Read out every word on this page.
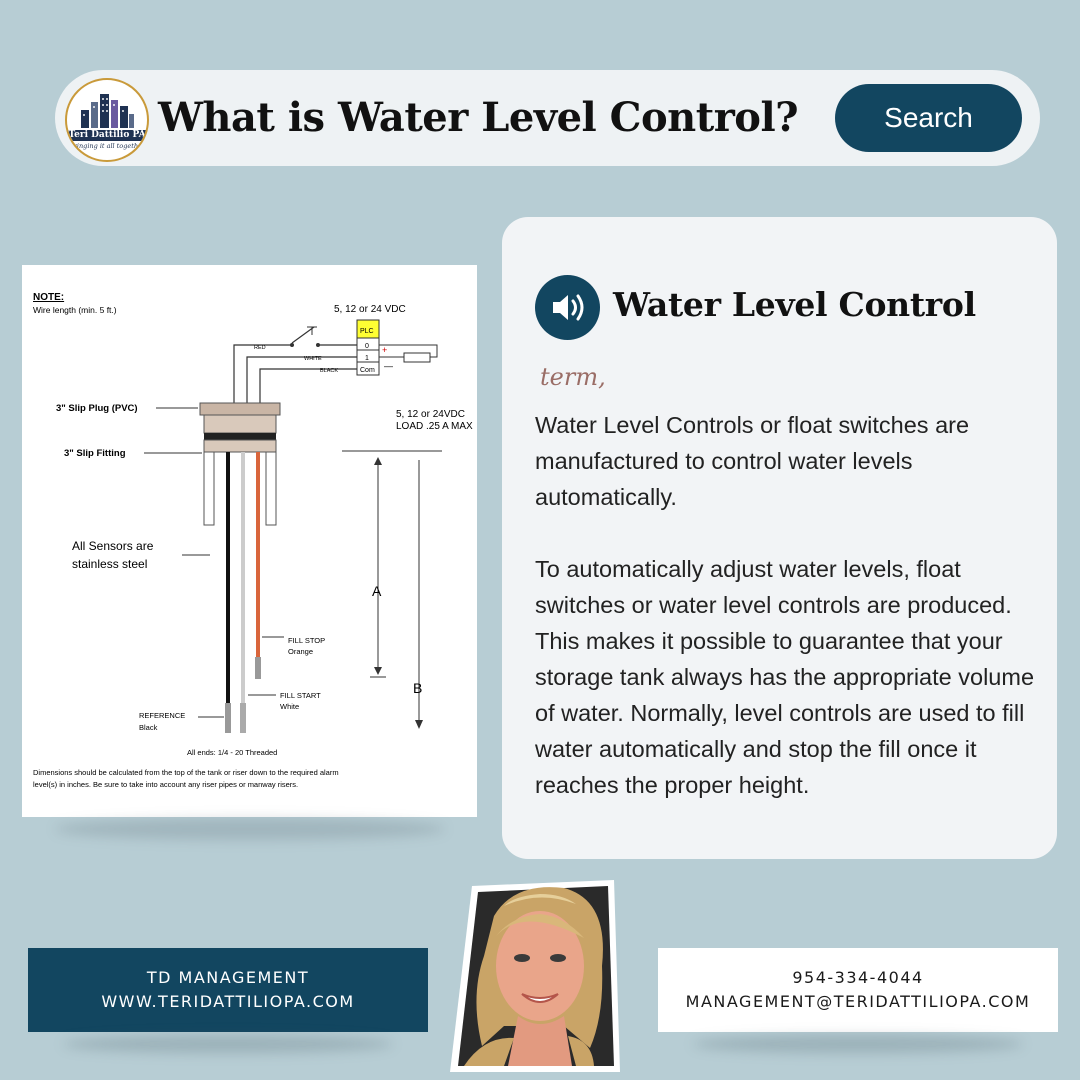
Teri Dattilio PA
Bringing it all together
What is Water Level Control?	Search
NOTE:
Wire length (min. 5 ft.)	5, 12 or 24 VDC
PLC
0
1
Com
RED
WHITE
BLACK
+
—
3" Slip Plug (PVC)
3" Slip Fitting
All Sensors are
stainless steel
5, 12 or 24VDC
LOAD .25 A MAX
A
B
FILL STOP
Orange
FILL START
White
REFERENCE
Black
All ends: 1/4 - 20 Threaded
Dimensions should be calculated from the top of the tank or riser down to the required alarm
level(s) in inches. Be sure to take into account any riser pipes or manway risers.
Water Level Control
term,

Water Level Controls or float switches are manufactured to control water levels automatically.

To automatically adjust water levels, float switches or water level controls are produced. This makes it possible to guarantee that your storage tank always has the appropriate volume of water. Normally, level controls are used to fill water automatically and stop the fill once it reaches the proper height.

TD MANAGEMENT
WWW.TERIDATTILIOPA.COM
954-334-4044
MANAGEMENT@TERIDATTILIOPA.COM
